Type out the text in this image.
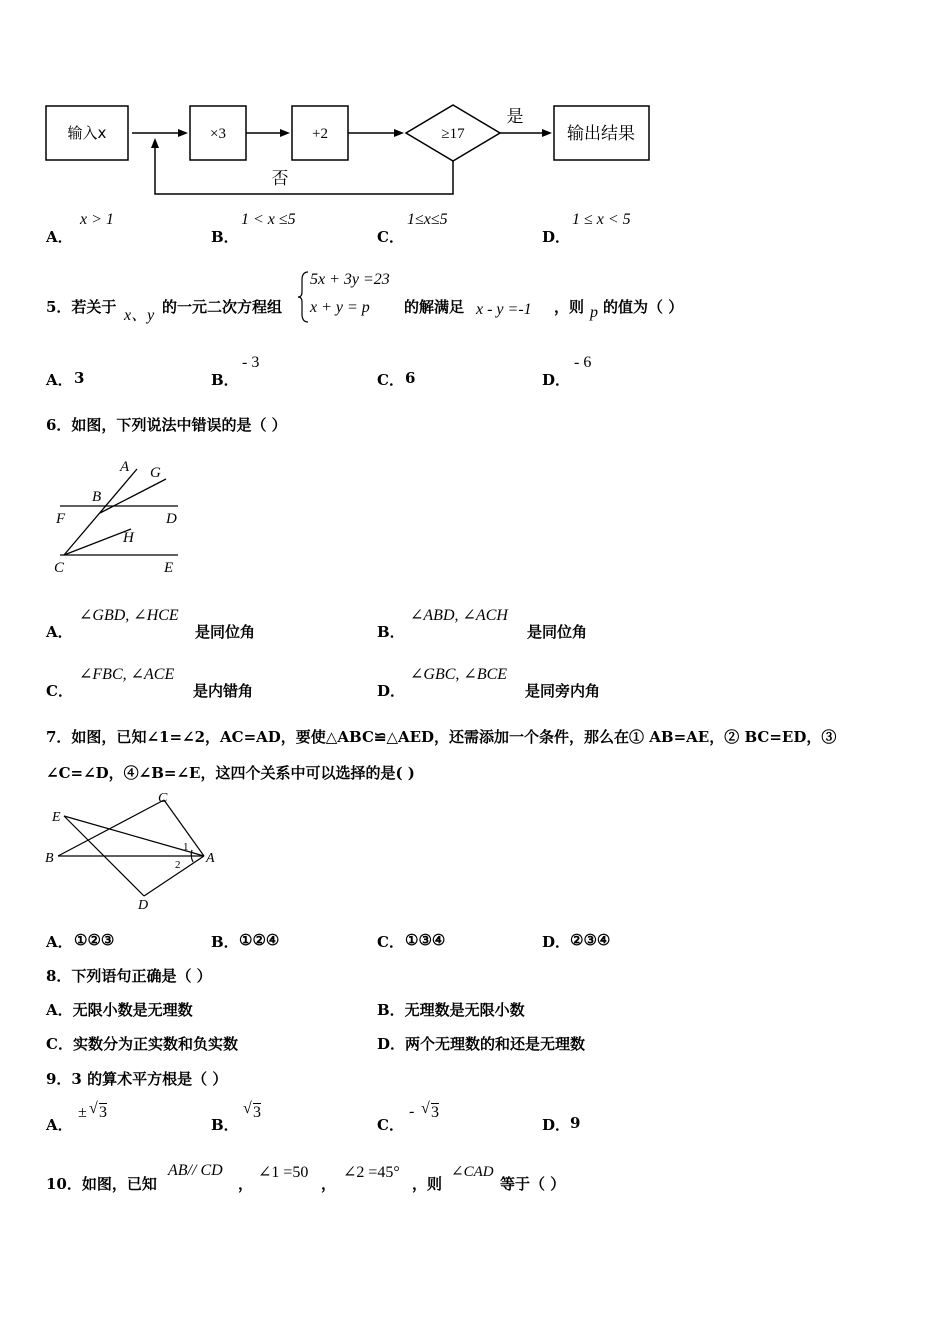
输入x	×3	+2	≥17	输出结果
是
否
A．
x > 1
B．
1 < x ≤5
C．
1≤x≤5
D．
1 ≤ x < 5
5．若关于 x、y 的一元二次方程组
5x + 3y =23
x + y = p 的解满足 x - y =-1 ，则 p 的值为（ ）
A． 3	B．
- 3
C． 6	D．
- 6
6．如图，下列说法中错误的是（ ）
A G
B
F	D
H
C	E
A．
∠GBD, ∠HCE
是同位角	B．
∠ABD, ∠ACH
是同位角
C．
∠FBC, ∠ACE
是内错角	D．
∠GBC, ∠BCE
是同旁内角
7．如图，已知∠1=∠2，AC=AD，要使△ABC≌△AED，还需添加一个条件，那么在① AB=AE，② BC=ED，③
∠C=∠D，④∠B=∠E，这四个关系中可以选择的是( )
E
C
B	A
D
1
2
A． ①②③	B． ①②④	C． ①③④	D． ②③④
8．下列语句正确是（ ）
A．无限小数是无理数	B．无理数是无限小数
C．实数分为正实数和负实数	D．两个无理数的和还是无理数
9．3 的算术平方根是（ ）
A．
± √ 3
B．
√ 3
C．
- √ 3
D． 9
10．如图，已知
AB// CD
，
∠1 =50
，
∠2 =45°
，则
∠CAD
等于（ ）
